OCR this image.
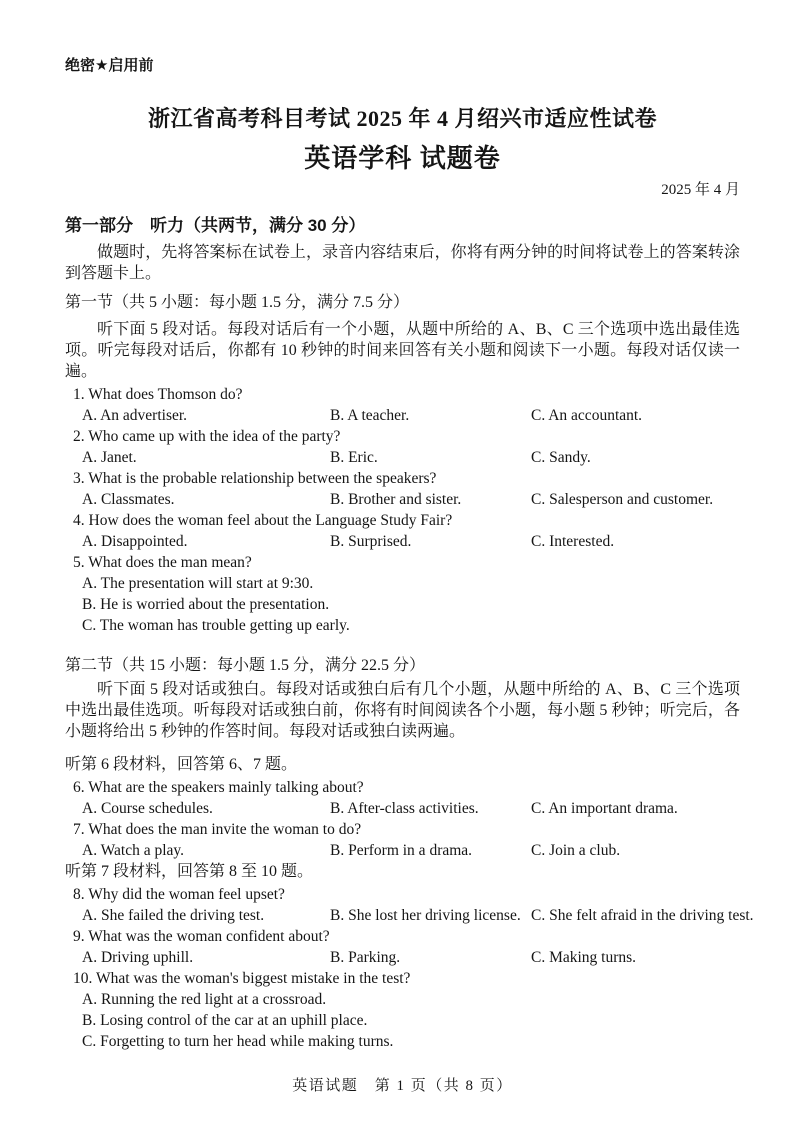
绝密★启用前
浙江省高考科目考试 2025 年 4 月绍兴市适应性试卷
英语学科 试题卷
2025 年 4 月
第一部分　听力（共两节，满分 30 分）

做题时，先将答案标在试卷上，录音内容结束后，你将有两分钟的时间将试卷上的答案转涂到答题卡上。

第一节（共 5 小题：每小题 1.5 分，满分 7.5 分）

听下面 5 段对话。每段对话后有一个小题，从题中所给的 A、B、C 三个选项中选出最佳选项。听完每段对话后，你都有 10 秒钟的时间来回答有关小题和阅读下一小题。每段对话仅读一遍。

1. What does Thomson do?
A. An advertiser.	B. A teacher.	C. An accountant.
2. Who came up with the idea of the party?
A. Janet.	B. Eric.	C. Sandy.
3. What is the probable relationship between the speakers?
A. Classmates.	B. Brother and sister.	C. Salesperson and customer.
4. How does the woman feel about the Language Study Fair?
A. Disappointed.	B. Surprised.	C. Interested.
5. What does the man mean?
A. The presentation will start at 9:30.
B. He is worried about the presentation.
C. The woman has trouble getting up early.
第二节（共 15 小题：每小题 1.5 分，满分 22.5 分）

听下面 5 段对话或独白。每段对话或独白后有几个小题，从题中所给的 A、B、C 三个选项中选出最佳选项。听每段对话或独白前，你将有时间阅读各个小题，每小题 5 秒钟；听完后，各小题将给出 5 秒钟的作答时间。每段对话或独白读两遍。

听第 6 段材料，回答第 6、7 题。
6. What are the speakers mainly talking about?
A. Course schedules.	B. After-class activities.	C. An important drama.
7. What does the man invite the woman to do?
A. Watch a play.	B. Perform in a drama.	C. Join a club.
听第 7 段材料，回答第 8 至 10 题。
8. Why did the woman feel upset?
A. She failed the driving test.	B. She lost her driving license. C. She felt afraid in the driving test.
9. What was the woman confident about?
A. Driving uphill.	B. Parking.	C. Making turns.
10. What was the woman's biggest mistake in the test?
A. Running the red light at a crossroad.
B. Losing control of the car at an uphill place.
C. Forgetting to turn her head while making turns.
英语试题　第 1 页（共 8 页）
